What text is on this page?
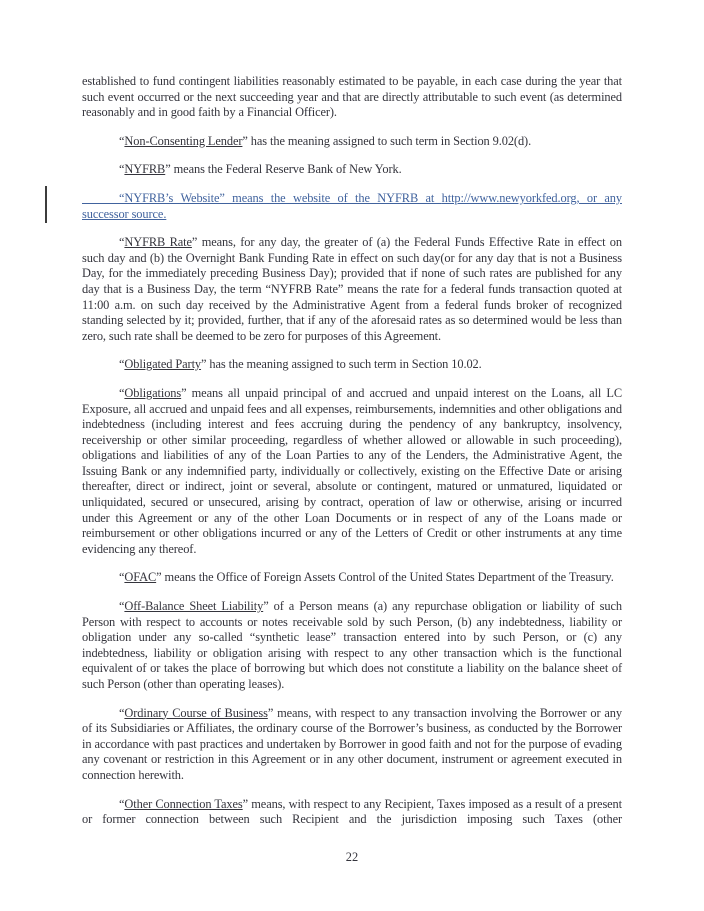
established to fund contingent liabilities reasonably estimated to be payable, in each case during the year that such event occurred or the next succeeding year and that are directly attributable to such event (as determined reasonably and in good faith by a Financial Officer).

“Non-Consenting Lender” has the meaning assigned to such term in Section 9.02(d).

“NYFRB” means the Federal Reserve Bank of New York.

“NYFRB’s Website” means the website of the NYFRB at http://www.newyorkfed.org, or any successor source.

“NYFRB Rate” means, for any day, the greater of (a) the Federal Funds Effective Rate in effect on such day and (b) the Overnight Bank Funding Rate in effect on such day(or for any day that is not a Business Day, for the immediately preceding Business Day); provided that if none of such rates are published for any day that is a Business Day, the term “NYFRB Rate” means the rate for a federal funds transaction quoted at 11:00 a.m. on such day received by the Administrative Agent from a federal funds broker of recognized standing selected by it; provided, further, that if any of the aforesaid rates as so determined would be less than zero, such rate shall be deemed to be zero for purposes of this Agreement.

“Obligated Party” has the meaning assigned to such term in Section 10.02.

“Obligations” means all unpaid principal of and accrued and unpaid interest on the Loans, all LC Exposure, all accrued and unpaid fees and all expenses, reimbursements, indemnities and other obligations and indebtedness (including interest and fees accruing during the pendency of any bankruptcy, insolvency, receivership or other similar proceeding, regardless of whether allowed or allowable in such proceeding), obligations and liabilities of any of the Loan Parties to any of the Lenders, the Administrative Agent, the Issuing Bank or any indemnified party, individually or collectively, existing on the Effective Date or arising thereafter, direct or indirect, joint or several, absolute or contingent, matured or unmatured, liquidated or unliquidated, secured or unsecured, arising by contract, operation of law or otherwise, arising or incurred under this Agreement or any of the other Loan Documents or in respect of any of the Loans made or reimbursement or other obligations incurred or any of the Letters of Credit or other instruments at any time evidencing any thereof.

“OFAC” means the Office of Foreign Assets Control of the United States Department of the Treasury.

“Off-Balance Sheet Liability” of a Person means (a) any repurchase obligation or liability of such Person with respect to accounts or notes receivable sold by such Person, (b) any indebtedness, liability or obligation under any so-called “synthetic lease” transaction entered into by such Person, or (c) any indebtedness, liability or obligation arising with respect to any other transaction which is the functional equivalent of or takes the place of borrowing but which does not constitute a liability on the balance sheet of such Person (other than operating leases).

“Ordinary Course of Business” means, with respect to any transaction involving the Borrower or any of its Subsidiaries or Affiliates, the ordinary course of the Borrower’s business, as conducted by the Borrower in accordance with past practices and undertaken by Borrower in good faith and not for the purpose of evading any covenant or restriction in this Agreement or in any other document, instrument or agreement executed in connection herewith.

“Other Connection Taxes” means, with respect to any Recipient, Taxes imposed as a result of a present or former connection between such Recipient and the jurisdiction imposing such Taxes (other

22
